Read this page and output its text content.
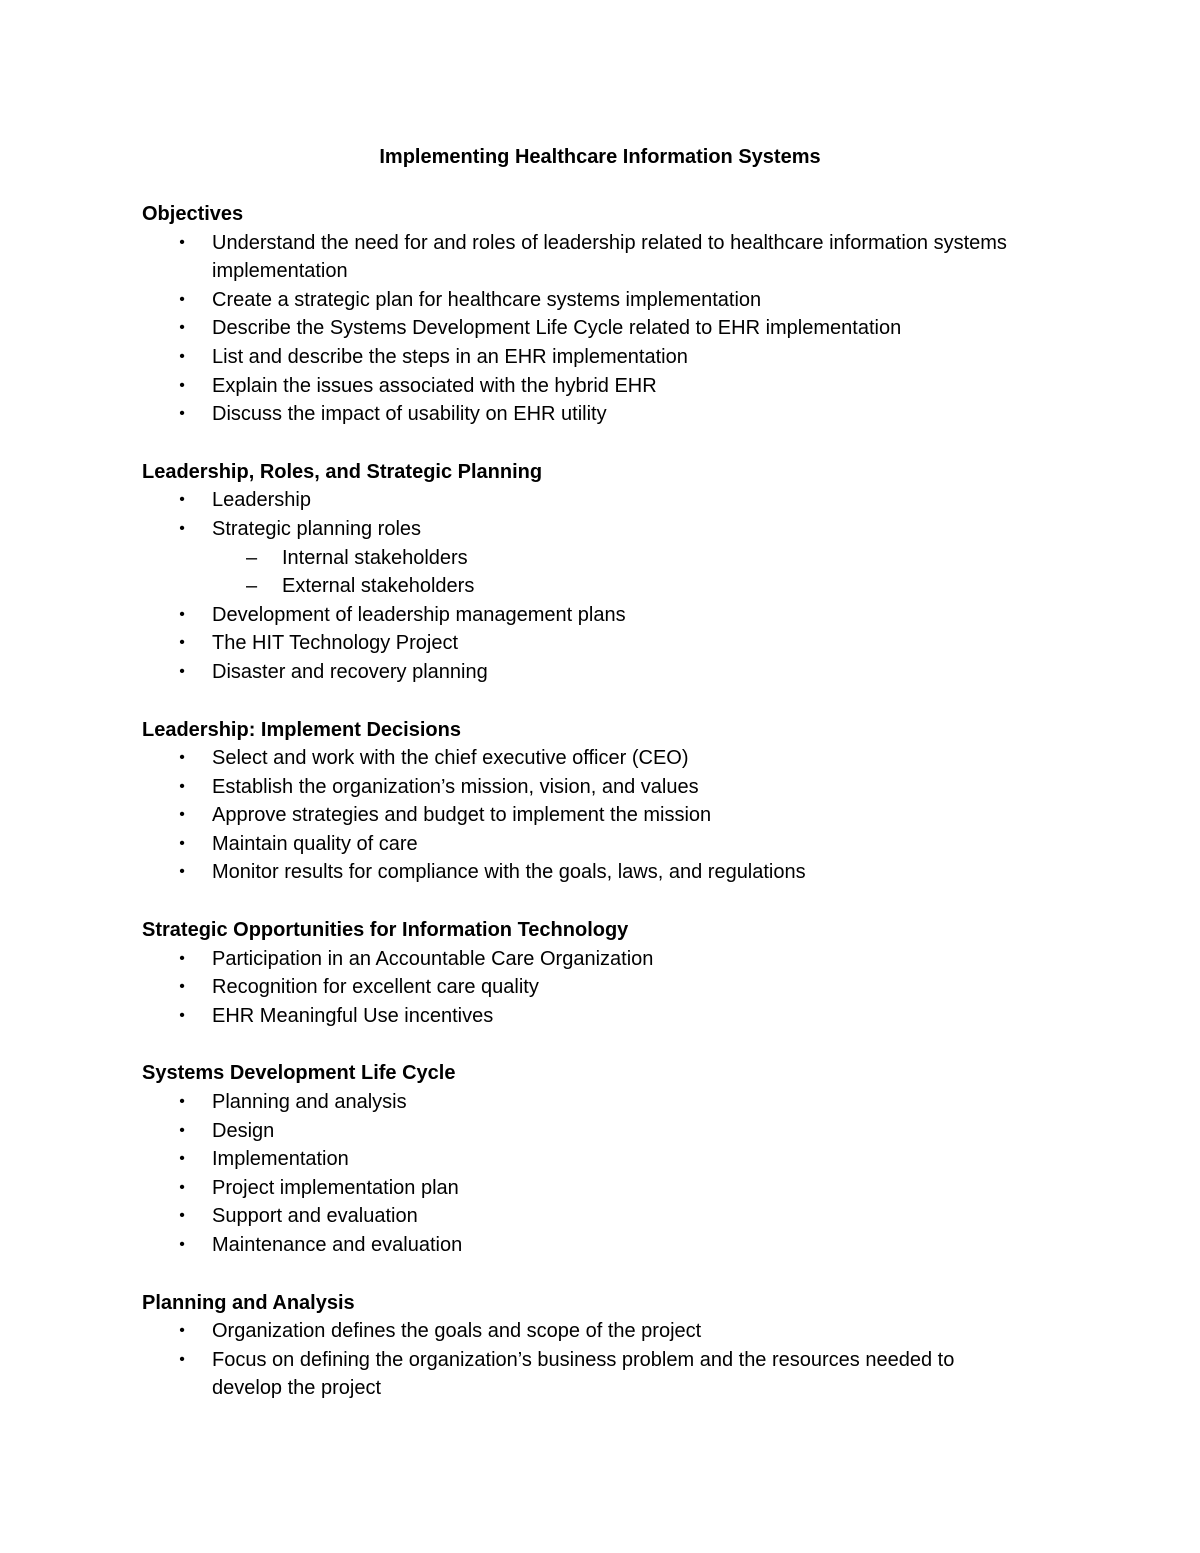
Implementing Healthcare Information Systems
Objectives
• Understand the need for and roles of leadership related to healthcare information systems implementation
• Create a strategic plan for healthcare systems implementation
• Describe the Systems Development Life Cycle related to EHR implementation
• List and describe the steps in an EHR implementation
• Explain the issues associated with the hybrid EHR
• Discuss the impact of usability on EHR utility
Leadership, Roles, and Strategic Planning
• Leadership
• Strategic planning roles
– Internal stakeholders
– External stakeholders
• Development of leadership management plans
• The HIT Technology Project
• Disaster and recovery planning
Leadership: Implement Decisions
• Select and work with the chief executive officer (CEO)
• Establish the organization’s mission, vision, and values
• Approve strategies and budget to implement the mission
• Maintain quality of care
• Monitor results for compliance with the goals, laws, and regulations
Strategic Opportunities for Information Technology
• Participation in an Accountable Care Organization
• Recognition for excellent care quality
• EHR Meaningful Use incentives
Systems Development Life Cycle
• Planning and analysis
• Design
• Implementation
• Project implementation plan
• Support and evaluation
• Maintenance and evaluation
Planning and Analysis
• Organization defines the goals and scope of the project
• Focus on defining the organization’s business problem and the resources needed to develop the project
